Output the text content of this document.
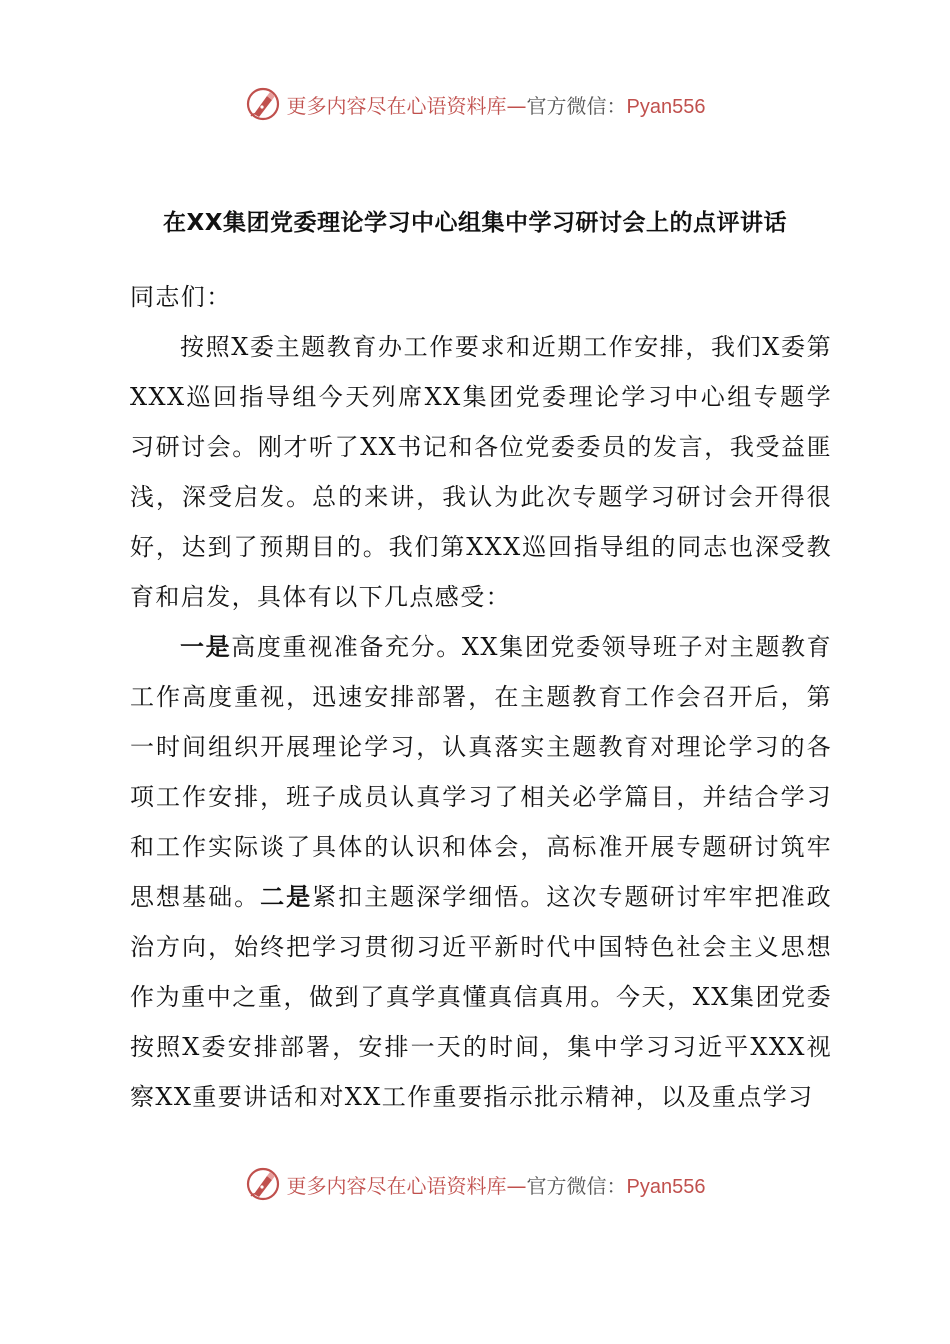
更多内容尽在心语资料库 — 官方微信： Pyan556
在XX集团党委理论学习中心组集中学习研讨会上的点评讲话

同志们：

按照X委主题教育办工作要求和近期工作安排，我们X委第XXX巡回指导组今天列席XX集团党委理论学习中心组专题学习研讨会。刚才听了XX书记和各位党委委员的发言，我受益匪浅，深受启发。总的来讲，我认为此次专题学习研讨会开得很好，达到了预期目的。我们第XXX巡回指导组的同志也深受教育和启发，具体有以下几点感受：

一是高度重视准备充分。XX集团党委领导班子对主题教育工作高度重视，迅速安排部署，在主题教育工作会召开后，第一时间组织开展理论学习，认真落实主题教育对理论学习的各项工作安排，班子成员认真学习了相关必学篇目，并结合学习和工作实际谈了具体的认识和体会，高标准开展专题研讨筑牢思想基础。二是紧扣主题深学细悟。这次专题研讨牢牢把准政治方向，始终把学习贯彻习近平新时代中国特色社会主义思想作为重中之重，做到了真学真懂真信真用。今天，XX集团党委按照X委安排部署，安排一天的时间，集中学习习近平XXX视察XX重要讲话和对XX工作重要指示批示精神，以及重点学习

更多内容尽在心语资料库 — 官方微信： Pyan556
